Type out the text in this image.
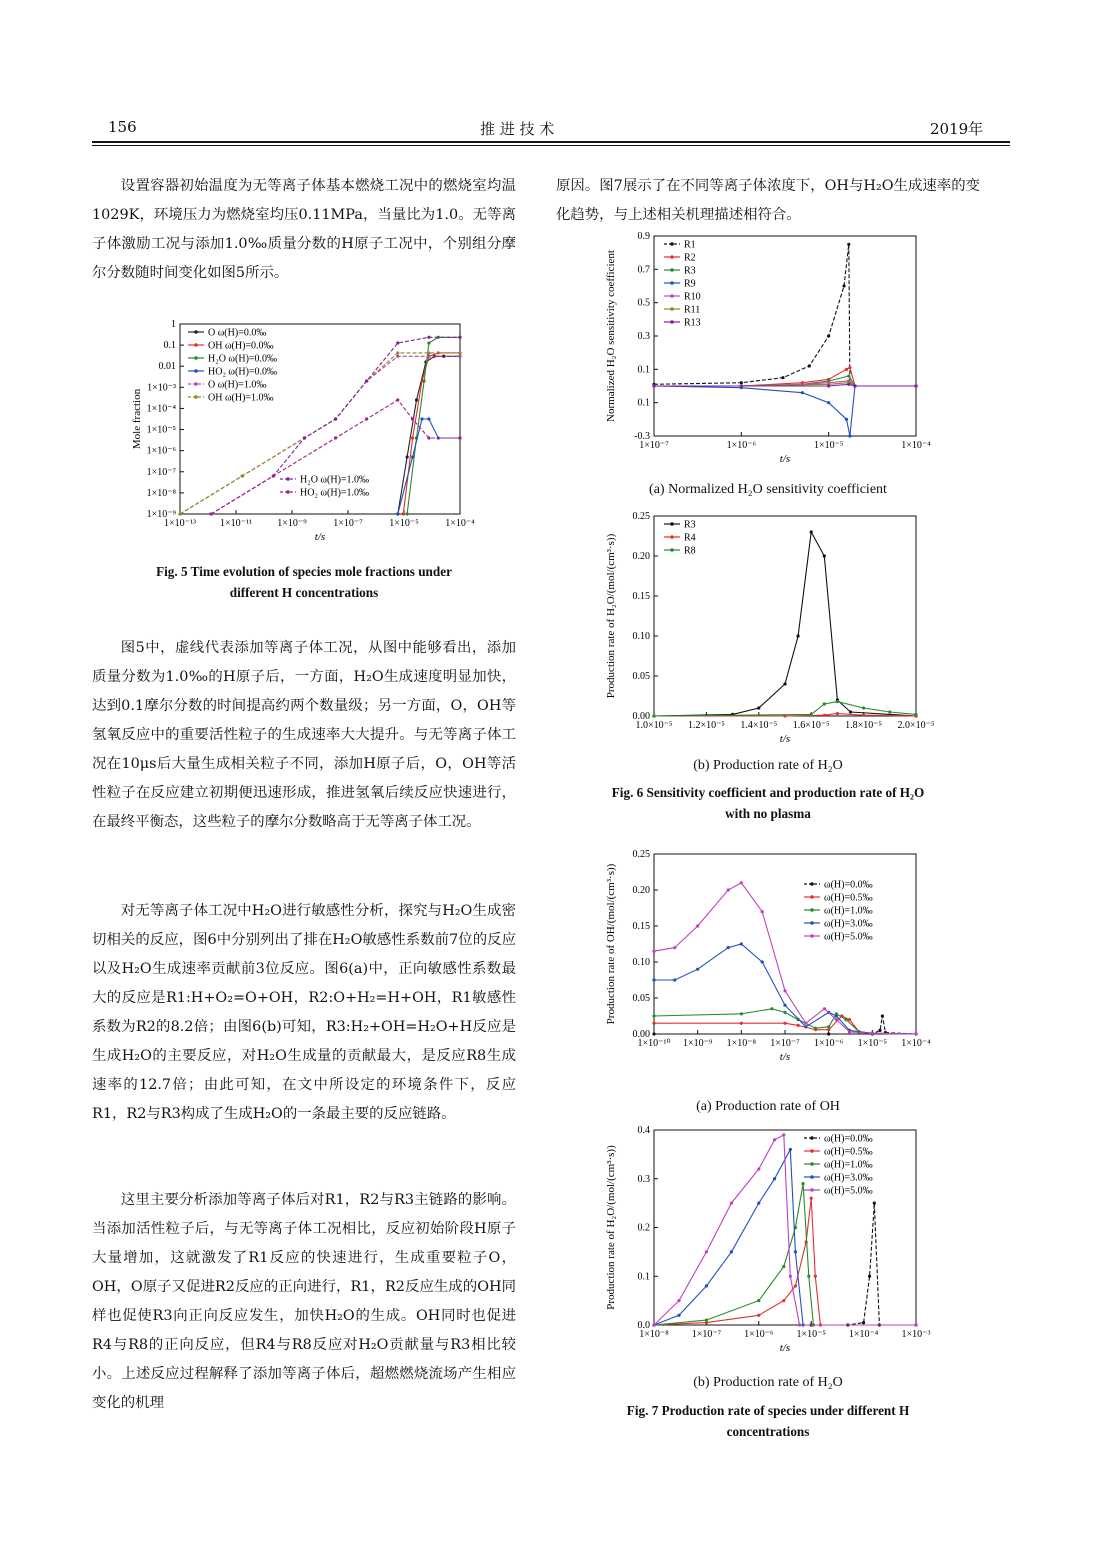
156	推 进 技 术	2019年

设置容器初始温度为无等离子体基本燃烧工况中的燃烧室均温1029K，环境压力为燃烧室均压0.11MPa，当量比为1.0。无等离子体激励工况与添加1.0‰质量分数的H原子工况中，个别组分摩尔分数随时间变化如图5所示。

1×10⁻¹³ 1×10⁻¹¹	1×10⁻⁹	1×10⁻⁷	1×10⁻⁵	1×10⁻⁴
1×10⁻⁹
1×10⁻⁸
1×10⁻⁷
1×10⁻⁶
1×10⁻⁵
1×10⁻⁴
1×10⁻³
0.01
0.1
1
t/s
Mole fraction
O ω(H)=0.0‰
OH ω(H)=0.0‰
H₂O ω(H)=0.0‰
HO₂ ω(H)=0.0‰
O ω(H)=1.0‰
OH ω(H)=1.0‰
H₂O ω(H)=1.0‰
HO₂ ω(H)=1.0‰
Fig. 5 Time evolution of species mole fractions under
different H concentrations

图5中，虚线代表添加等离子体工况，从图中能够看出，添加质量分数为1.0‰的H原子后，一方面，H₂O生成速度明显加快，达到0.1摩尔分数的时间提高约两个数量级；另一方面，O，OH等氢氧反应中的重要活性粒子的生成速率大大提升。与无等离子体工况在10μs后大量生成相关粒子不同，添加H原子后，O，OH等活性粒子在反应建立初期便迅速形成，推进氢氧后续反应快速进行，在最终平衡态，这些粒子的摩尔分数略高于无等离子体工况。

对无等离子体工况中H₂O进行敏感性分析，探究与H₂O生成密切相关的反应，图6中分别列出了排在H₂O敏感性系数前7位的反应以及H₂O生成速率贡献前3位反应。图6(a)中，正向敏感性系数最大的反应是R1:H+O₂=O+OH，R2:O+H₂=H+OH，R1敏感性系数为R2的8.2倍；由图6(b)可知，R3:H₂+OH=H₂O+H反应是生成H₂O的主要反应，对H₂O生成量的贡献最大，是反应R8生成速率的12.7倍；由此可知，在文中所设定的环境条件下，反应R1，R2与R3构成了生成H₂O的一条最主要的反应链路。

这里主要分析添加等离子体后对R1，R2与R3主链路的影响。当添加活性粒子后，与无等离子体工况相比，反应初始阶段H原子大量增加，这就激发了R1反应的快速进行，生成重要粒子O，OH，O原子又促进R2反应的正向进行，R1，R2反应生成的OH同样也促使R3向正向反应发生，加快H₂O的生成。OH同时也促进R4与R8的正向反应，但R4与R8反应对H₂O贡献量与R3相比较小。上述反应过程解释了添加等离子体后，超燃燃烧流场产生相应变化的机理

原因。图7展示了在不同等离子体浓度下，OH与H₂O生成速率的变化趋势，与上述相关机理描述相符合。

1×10⁻⁷	1×10⁻⁶	1×10⁻⁵	1×10⁻⁴
-0.3
0.1
0.1
0.3
0.5
0.7
0.9
t/s
Normalized H₂O sensitivity coefficient
R1
R2
R3
R9
R10
R11
R13
(a) Normalized H₂O sensitivity coefficient
1.0×10⁻⁵ 1.2×10⁻⁵ 1.4×10⁻⁵ 1.6×10⁻⁵ 1.8×10⁻⁵ 2.0×10⁻⁵
0.00
0.05
0.10
0.15
0.20
0.25
t/s
Production rate of H₂O/(mol/(cm³·s))
R3
R4
R8
(b) Production rate of H₂O
Fig. 6 Sensitivity coefficient and production rate of H₂O
with no plasma
1×10⁻¹⁰ 1×10⁻⁹ 1×10⁻⁸ 1×10⁻⁷ 1×10⁻⁶ 1×10⁻⁵ 1×10⁻⁴
0.00
0.05
0.10
0.15
0.20
0.25
t/s
Production rate of OH/(mol/(cm³·s))	ω(H)=0.0‰
ω(H)=0.5‰
ω(H)=1.0‰
ω(H)=3.0‰
ω(H)=5.0‰
(a) Production rate of OH
1×10⁻⁸ 1×10⁻⁷ 1×10⁻⁶ 1×10⁻⁵ 1×10⁻⁴ 1×10⁻³
0.0
0.1
0.2
0.3
0.4
t/s
Production rate of H₂O/(mol/(cm³·s))
ω(H)=0.0‰
ω(H)=0.5‰
ω(H)=1.0‰
ω(H)=3.0‰
ω(H)=5.0‰
(b) Production rate of H₂O
Fig. 7 Production rate of species under different H
concentrations
